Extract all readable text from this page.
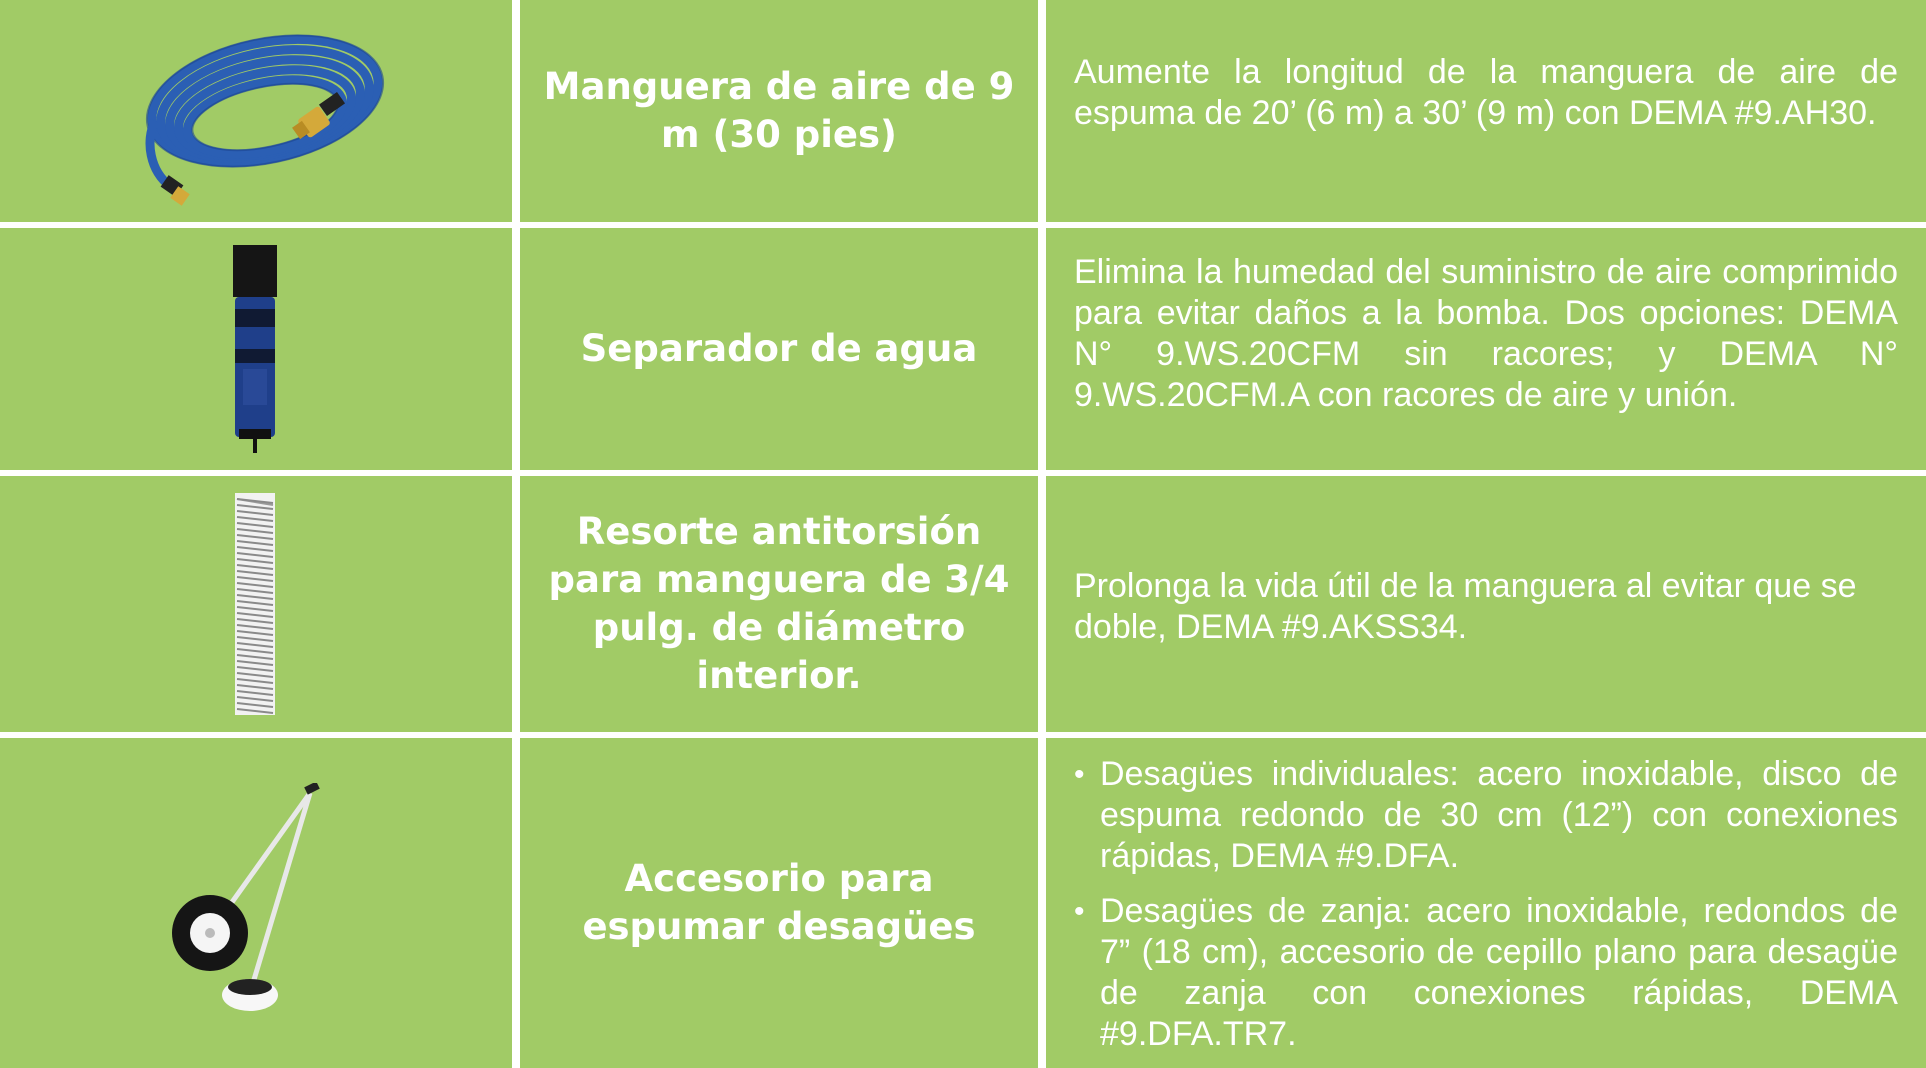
Manguera de aire de 9 m (30 pies)
Aumente la longitud de la manguera de aire de espuma de 20’ (6 m) a 30’ (9 m) con DEMA #9.AH30.
Separador de agua
Elimina la humedad del suministro de aire comprimido para evitar daños a la bomba. Dos opciones: DEMA N° 9.WS.20CFM sin racores; y DEMA N° 9.WS.20CFM.A con racores de aire y unión.
Resorte antitorsión para manguera de 3/4 pulg. de diámetro interior.
Prolonga la vida útil de la manguera al evitar que se doble, DEMA #9.AKSS34.
Accesorio para espumar desagües
• Desagües individuales: acero inoxidable, disco de espuma redondo de 30 cm (12”) con conexiones rápidas, DEMA #9.DFA.
• Desagües de zanja: acero inoxidable, redondos de 7” (18 cm), accesorio de cepillo plano para desagüe de zanja con conexiones rápidas, DEMA #9.DFA.TR7.
